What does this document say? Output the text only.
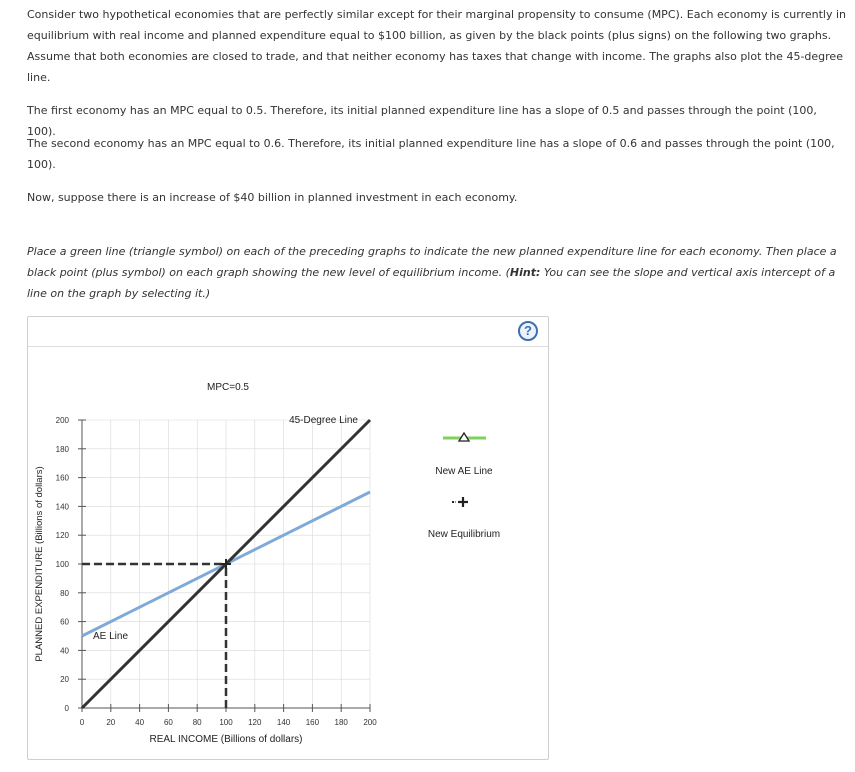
Consider two hypothetical economies that are perfectly similar except for their marginal propensity to consume (MPC). Each economy is currently in equilibrium with real income and planned expenditure equal to $100 billion, as given by the black points (plus signs) on the following two graphs. Assume that both economies are closed to trade, and that neither economy has taxes that change with income. The graphs also plot the 45-degree line.

The first economy has an MPC equal to 0.5. Therefore, its initial planned expenditure line has a slope of 0.5 and passes through the point (100, 100).

The second economy has an MPC equal to 0.6. Therefore, its initial planned expenditure line has a slope of 0.6 and passes through the point (100, 100).

Now, suppose there is an increase of $40 billion in planned investment in each economy.

Place a green line (triangle symbol) on each of the preceding graphs to indicate the new planned expenditure line for each economy. Then place a black point (plus symbol) on each graph showing the new level of equilibrium income. (Hint: You can see the slope and vertical axis intercept of a line on the graph by selecting it.)

?
0	20 40 60 80 100 120 140 160 180 200
0
20
40
60
80
100
120
140
160
180
200
MPC=0.5
REAL INCOME (Billions of dollars)
PLANNED EXPENDITURE (Billions of dollars)
45-Degree Line
AE Line
New AE Line
New Equilibrium
